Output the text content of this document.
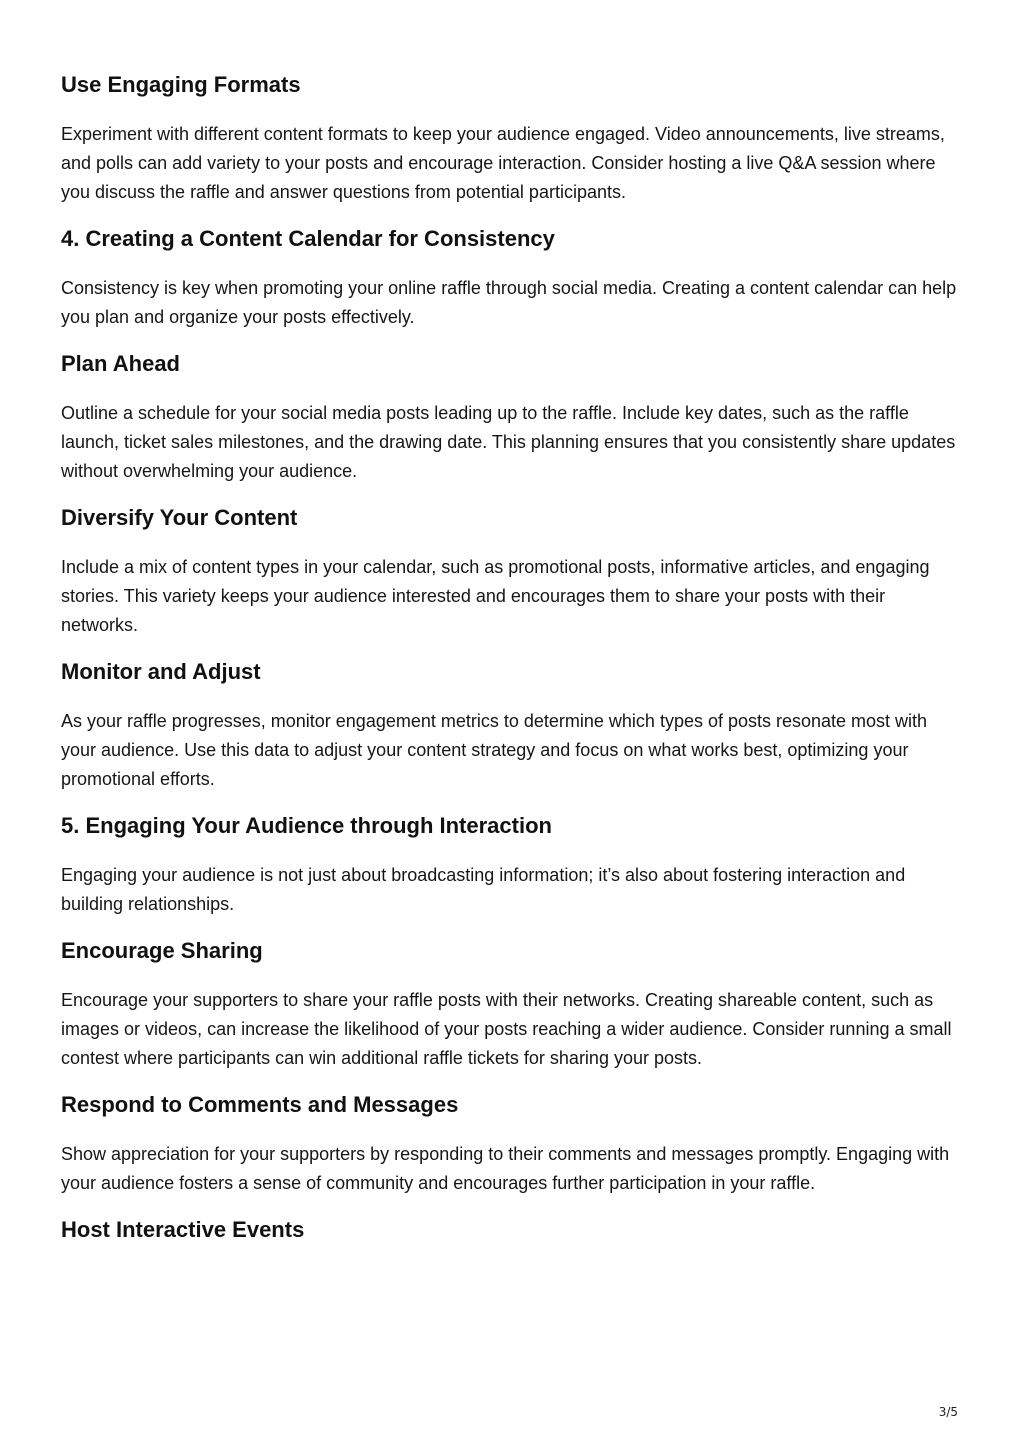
Use Engaging Formats

Experiment with different content formats to keep your audience engaged. Video announcements, live streams, and polls can add variety to your posts and encourage interaction. Consider hosting a live Q&A session where you discuss the raffle and answer questions from potential participants.

4. Creating a Content Calendar for Consistency

Consistency is key when promoting your online raffle through social media. Creating a content calendar can help you plan and organize your posts effectively.

Plan Ahead

Outline a schedule for your social media posts leading up to the raffle. Include key dates, such as the raffle launch, ticket sales milestones, and the drawing date. This planning ensures that you consistently share updates without overwhelming your audience.

Diversify Your Content

Include a mix of content types in your calendar, such as promotional posts, informative articles, and engaging stories. This variety keeps your audience interested and encourages them to share your posts with their networks.

Monitor and Adjust

As your raffle progresses, monitor engagement metrics to determine which types of posts resonate most with your audience. Use this data to adjust your content strategy and focus on what works best, optimizing your promotional efforts.

5. Engaging Your Audience through Interaction

Engaging your audience is not just about broadcasting information; it’s also about fostering interaction and building relationships.

Encourage Sharing

Encourage your supporters to share your raffle posts with their networks. Creating shareable content, such as images or videos, can increase the likelihood of your posts reaching a wider audience. Consider running a small contest where participants can win additional raffle tickets for sharing your posts.

Respond to Comments and Messages

Show appreciation for your supporters by responding to their comments and messages promptly. Engaging with your audience fosters a sense of community and encourages further participation in your raffle.

Host Interactive Events
3/5
